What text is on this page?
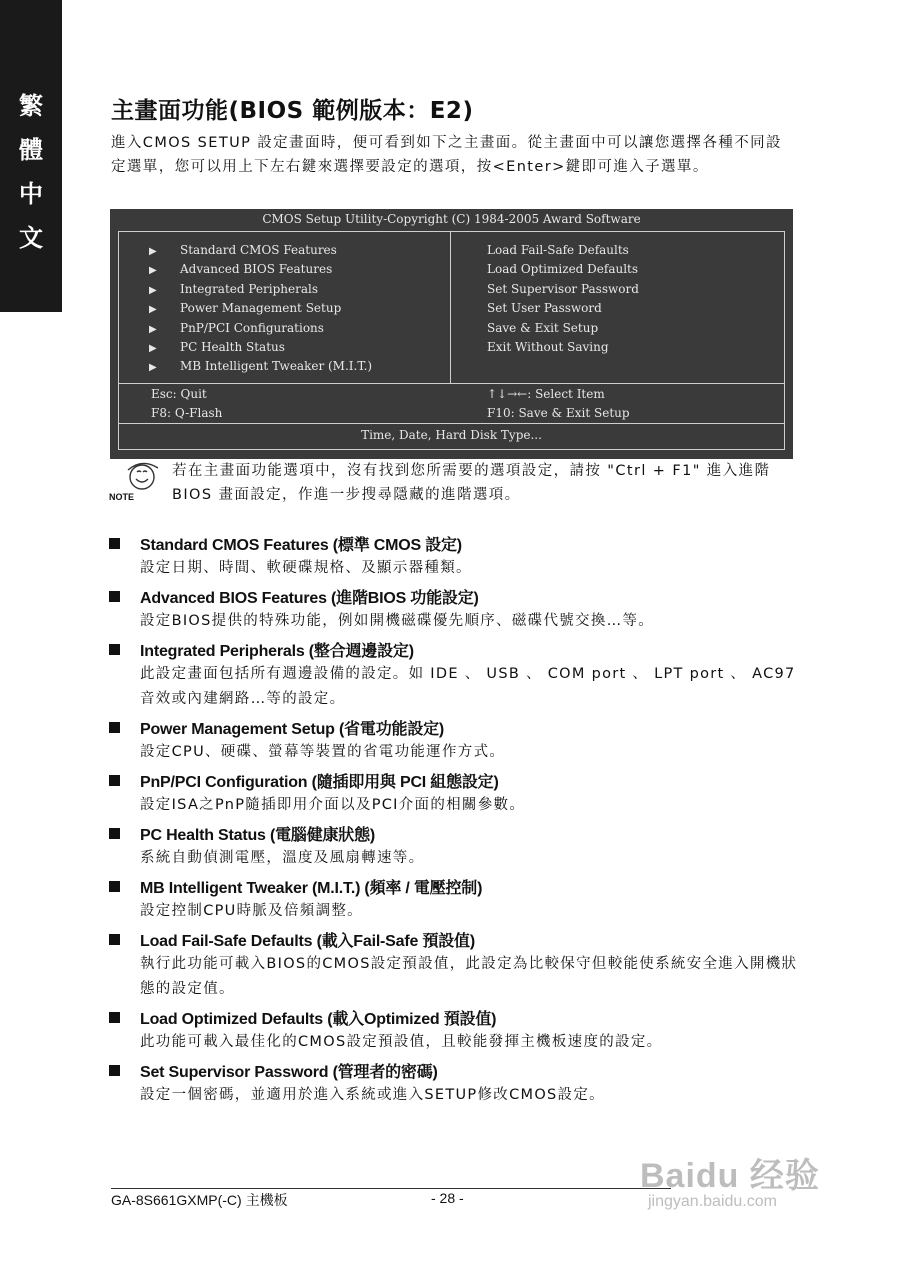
繁
體
中
文
主畫面功能(BIOS 範例版本：E2)
進入CMOS SETUP 設定畫面時，便可看到如下之主畫面。從主畫面中可以讓您選擇各種不同設定選單，您可以用上下左右鍵來選擇要設定的選項，按<Enter>鍵即可進入子選單。
CMOS Setup Utility-Copyright (C) 1984-2005 Award Software
▶ Standard CMOS Features
▶ Advanced BIOS Features
▶ Integrated Peripherals
▶ Power Management Setup
▶ PnP/PCI Configurations
▶ PC Health Status
▶ MB Intelligent Tweaker (M.I.T.)
Load Fail-Safe Defaults
Load Optimized Defaults
Set Supervisor Password
Set User Password
Save & Exit Setup
Exit Without Saving
Esc: Quit
F8: Q-Flash
↑↓→←: Select Item
F10: Save & Exit Setup
Time, Date, Hard Disk Type...
NOTE
若在主畫面功能選項中，沒有找到您所需要的選項設定，請按 "Ctrl + F1" 進入進階BIOS 畫面設定，作進一步搜尋隱藏的進階選項。
Standard CMOS Features (標準 CMOS 設定)
設定日期、時間、軟硬碟規格、及顯示器種類。
Advanced BIOS Features (進階BIOS 功能設定)
設定BIOS提供的特殊功能，例如開機磁碟優先順序、磁碟代號交換…等。
Integrated Peripherals (整合週邊設定)
此設定畫面包括所有週邊設備的設定。如 IDE 、 USB 、 COM port 、 LPT port 、 AC97 音效或內建網路…等的設定。
Power Management Setup (省電功能設定)
設定CPU、硬碟、螢幕等裝置的省電功能運作方式。
PnP/PCI Configuration (隨插即用與 PCI 組態設定)
設定ISA之PnP隨插即用介面以及PCI介面的相關參數。
PC Health Status (電腦健康狀態)
系統自動偵測電壓，溫度及風扇轉速等。
MB Intelligent Tweaker (M.I.T.) (頻率 / 電壓控制)
設定控制CPU時脈及倍頻調整。
Load Fail-Safe Defaults (載入Fail-Safe 預設值)
執行此功能可載入BIOS的CMOS設定預設值，此設定為比較保守但較能使系統安全進入開機狀態的設定值。
Load Optimized Defaults (載入Optimized 預設值)
此功能可載入最佳化的CMOS設定預設值，且較能發揮主機板速度的設定。
Set Supervisor Password (管理者的密碼)
設定一個密碼，並適用於進入系統或進入SETUP修改CMOS設定。
GA-8S661GXMP(-C) 主機板	- 28 -
Baidu 经验
jingyan.baidu.com
